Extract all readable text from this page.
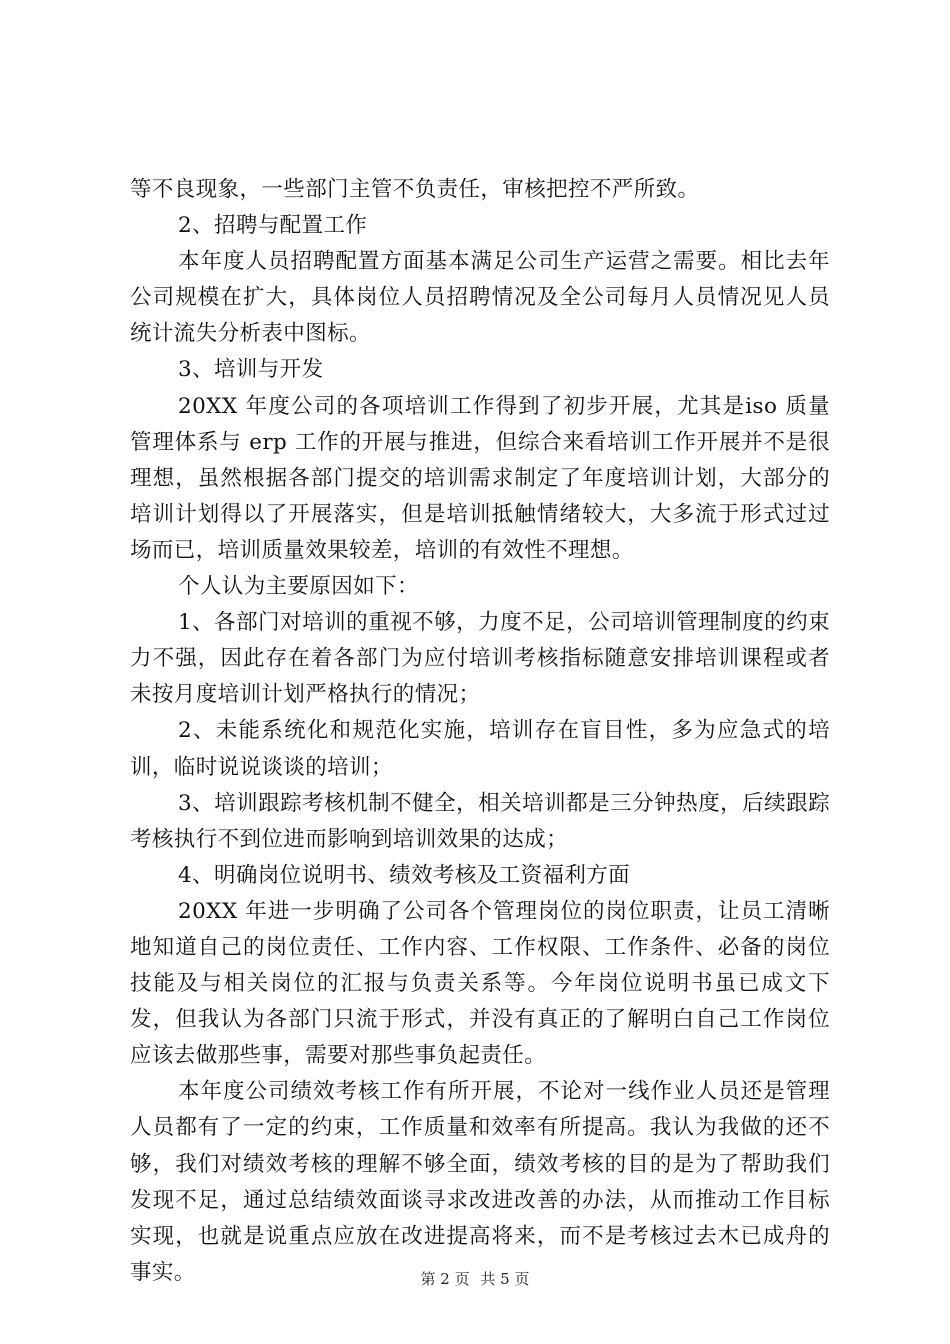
等不良现象，一些部门主管不负责任，审核把控不严所致。

2、招聘与配置工作

本年度人员招聘配置方面基本满足公司生产运营之需要。相比去年公司规模在扩大，具体岗位人员招聘情况及全公司每月人员情况见人员统计流失分析表中图标。

3、培训与开发

20XX 年度公司的各项培训工作得到了初步开展，尤其是iso 质量管理体系与 erp 工作的开展与推进，但综合来看培训工作开展并不是很理想，虽然根据各部门提交的培训需求制定了年度培训计划，大部分的培训计划得以了开展落实，但是培训抵触情绪较大，大多流于形式过过场而已，培训质量效果较差，培训的有效性不理想。

个人认为主要原因如下：

1、各部门对培训的重视不够，力度不足，公司培训管理制度的约束力不强，因此存在着各部门为应付培训考核指标随意安排培训课程或者未按月度培训计划严格执行的情况；

2、未能系统化和规范化实施，培训存在盲目性，多为应急式的培训，临时说说谈谈的培训；

3、培训跟踪考核机制不健全，相关培训都是三分钟热度，后续跟踪考核执行不到位进而影响到培训效果的达成；

4、明确岗位说明书、绩效考核及工资福利方面

20XX 年进一步明确了公司各个管理岗位的岗位职责，让员工清晰地知道自己的岗位责任、工作内容、工作权限、工作条件、必备的岗位技能及与相关岗位的汇报与负责关系等。今年岗位说明书虽已成文下发，但我认为各部门只流于形式，并没有真正的了解明白自己工作岗位应该去做那些事，需要对那些事负起责任。

本年度公司绩效考核工作有所开展，不论对一线作业人员还是管理人员都有了一定的约束，工作质量和效率有所提高。我认为我做的还不够，我们对绩效考核的理解不够全面，绩效考核的目的是为了帮助我们发现不足，通过总结绩效面谈寻求改进改善的办法，从而推动工作目标实现，也就是说重点应放在改进提高将来，而不是考核过去木已成舟的事实。	第 2 页 共 5 页
